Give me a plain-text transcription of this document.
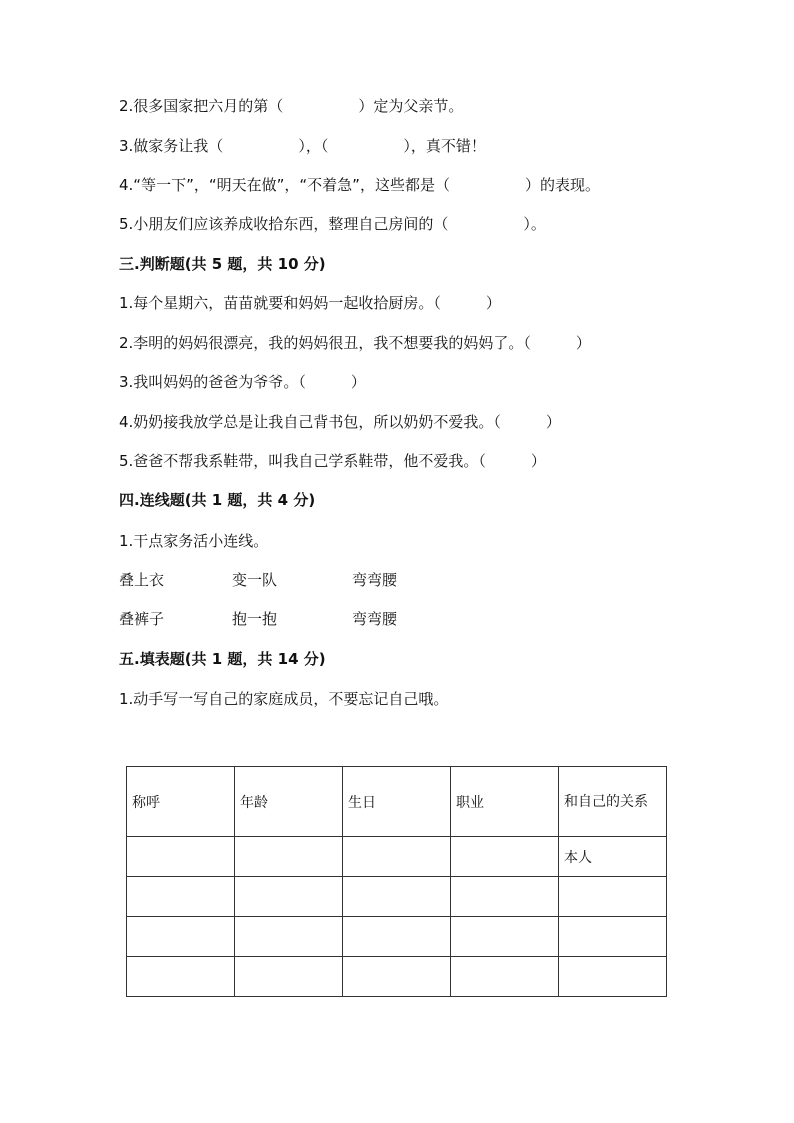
2.很多国家把六月的第（　　　　　）定为父亲节。
3.做家务让我（　　　　　），（　　　　　），真不错！
4.“等一下”，“明天在做”，“不着急”，这些都是（　　　　　）的表现。
5.小朋友们应该养成收拾东西，整理自己房间的（　　　　　）。
三.判断题(共 5 题，共 10 分)
1.每个星期六，苗苗就要和妈妈一起收拾厨房。（　　　）
2.李明的妈妈很漂亮，我的妈妈很丑，我不想要我的妈妈了。（　　　）
3.我叫妈妈的爸爸为爷爷。（　　　）
4.奶奶接我放学总是让我自己背书包，所以奶奶不爱我。（　　　）
5.爸爸不帮我系鞋带，叫我自己学系鞋带，他不爱我。（　　　）
四.连线题(共 1 题，共 4 分)
1.干点家务活小连线。
叠上衣	变一队	弯弯腰
叠裤子	抱一抱	弯弯腰
五.填表题(共 1 题，共 14 分)
1.动手写一写自己的家庭成员，不要忘记自己哦。
称呼	年龄	生日	职业	和自己的关系
				本人
